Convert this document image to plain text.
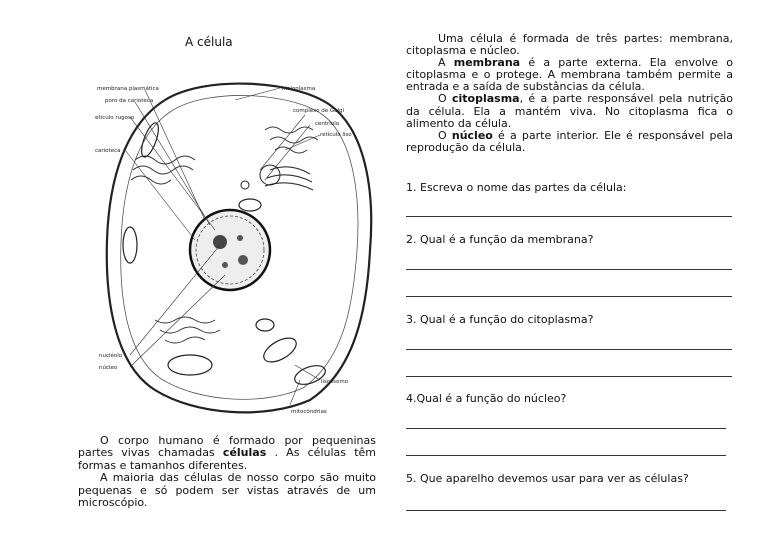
A célula
membrana plasmática
poro da carioteca
retículo rugoso
carioteca
hialoplasma
complexo de Golgi
centríolo
retículo liso
nucléolo
núcleo
lisossomo
mitocôndrias

O corpo humano é formado por pequeninas partes vivas chamadas células . As células têm formas e tamanhos diferentes.

A maioria das células de nosso corpo são muito pequenas e só podem ser vistas através de um microscópio.

Uma célula é formada de três partes: membrana, citoplasma e núcleo.

A membrana é a parte externa. Ela envolve o citoplasma e o protege. A membrana também permite a entrada e a saída de substâncias da célula.

O citoplasma, é a parte responsável pela nutrição da célula. Ela a mantém viva. No citoplasma fica o alimento da célula.

O núcleo é a parte interior. Ele é responsável pela reprodução da célula.

1. Escreva o nome das partes da célula:
2. Qual é a função da membrana?
3. Qual é a função do citoplasma?
4.Qual é a função do núcleo?
5. Que aparelho devemos usar para ver as células?
